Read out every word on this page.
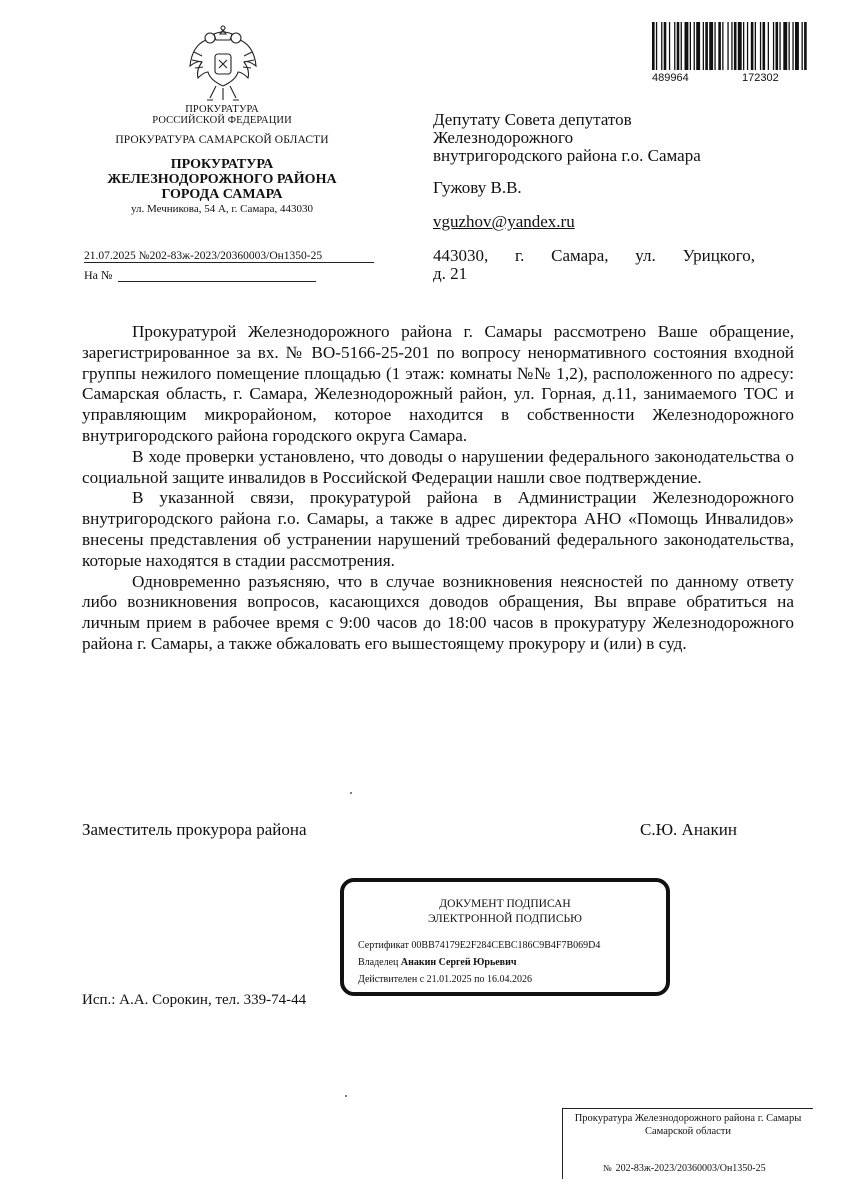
ПРОКУРАТУРА
РОССИЙСКОЙ ФЕДЕРАЦИИ
ПРОКУРАТУРА САМАРСКОЙ ОБЛАСТИ
ПРОКУРАТУРА
ЖЕЛЕЗНОДОРОЖНОГО РАЙОНА
ГОРОДА САМАРА
ул. Мечникова, 54 А, г. Самара, 443030
21.07.2025 №202-83ж-2023/20360003/Он1350-25
На №
489964	172302
Депутату Совета депутатов
Железнодорожного
внутригородского района г.о. Самара
Гужову В.В.
vguzhov@yandex.ru
443030, г. Самара, ул. Урицкого,
д. 21

Прокуратурой Железнодорожного района г. Самары рассмотрено Ваше обращение, зарегистрированное за вх. № ВО-5166-25-201 по вопросу ненормативного состояния входной группы нежилого помещение площадью (1 этаж: комнаты №№ 1,2), расположенного по адресу: Самарская область, г. Самара, Железнодорожный район, ул. Горная, д.11, занимаемого ТОС и управляющим микрорайоном, которое находится в собственности Железнодорожного внутригородского района городского округа Самара.

В ходе проверки установлено, что доводы о нарушении федерального законодательства о социальной защите инвалидов в Российской Федерации нашли свое подтверждение.

В указанной связи, прокуратурой района в Администрации Железнодорожного внутригородского района г.о. Самары, а также в адрес директора АНО «Помощь Инвалидов» внесены представления об устранении нарушений требований федерального законодательства, которые находятся в стадии рассмотрения.

Одновременно разъясняю, что в случае возникновения неясностей по данному ответу либо возникновения вопросов, касающихся доводов обращения, Вы вправе обратиться на личным прием в рабочее время с 9:00 часов до 18:00 часов в прокуратуру Железнодорожного района г. Самары, а также обжаловать его вышестоящему прокурору и (или) в суд.

Заместитель прокурора района	С.Ю. Анакин
ДОКУМЕНТ ПОДПИСАН
ЭЛЕКТРОННОЙ ПОДПИСЬЮ
Сертификат 00BB74179E2F284CEBC186C9B4F7B069D4
Владелец Анакин Сергей Юрьевич
Действителен с 21.01.2025 по 16.04.2026
Исп.: А.А. Сорокин, тел. 339-74-44
Прокуратура Железнодорожного района г. Самары Самарской области
№ 202-83ж-2023/20360003/Он1350-25
